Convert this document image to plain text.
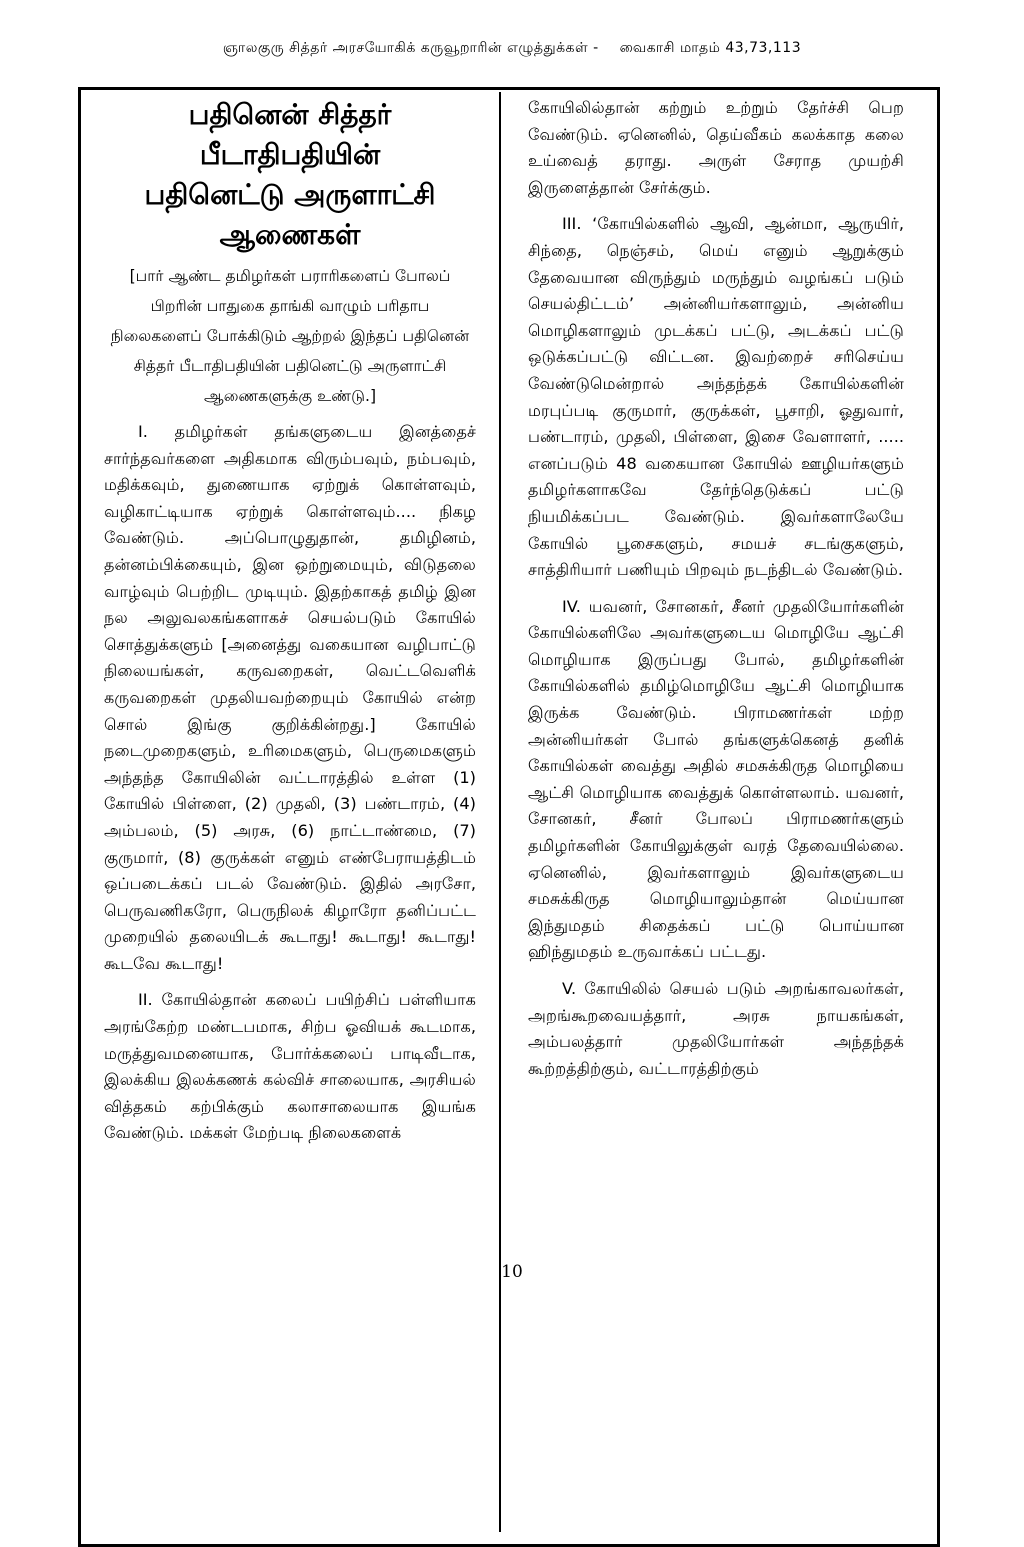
ஞாலகுரு சித்தர் அரசயோகிக் கருவூறாரின் எழுத்துக்கள் - வைகாசி மாதம் 43,73,113
பதினென் சித்தர் பீடாதிபதியின்
பதினெட்டு அருளாட்சி
ஆணைகள்

[பார் ஆண்ட தமிழர்கள் பராரிகளைப் போலப் பிறரின் பாதுகை தாங்கி வாழும் பரிதாப நிலைகளைப் போக்கிடும் ஆற்றல் இந்தப் பதினென் சித்தர் பீடாதிபதியின் பதினெட்டு அருளாட்சி ஆணைகளுக்கு உண்டு.]

I. தமிழர்கள் தங்களுடைய இனத்தைச் சார்ந்தவர்களை அதிகமாக விரும்பவும், நம்பவும், மதிக்கவும், துணையாக ஏற்றுக் கொள்ளவும், வழிகாட்டியாக ஏற்றுக் கொள்ளவும்.... நிகழ வேண்டும். அப்பொழுதுதான், தமிழினம், தன்னம்பிக்கையும், இன ஒற்றுமையும், விடுதலை வாழ்வும் பெற்றிட முடியும். இதற்காகத் தமிழ் இன நல அலுவலகங்களாகச் செயல்படும் கோயில் சொத்துக்களும் [அனைத்து வகையான வழிபாட்டு நிலையங்கள், கருவறைகள், வெட்டவெளிக் கருவறைகள் முதலியவற்றையும் கோயில் என்ற சொல் இங்கு குறிக்கின்றது.] கோயில் நடைமுறைகளும், உரிமைகளும், பெருமைகளும் அந்தந்த கோயிலின் வட்டாரத்தில் உள்ள (1) கோயில் பிள்ளை, (2) முதலி, (3) பண்டாரம், (4) அம்பலம், (5) அரசு, (6) நாட்டாண்மை, (7) குருமார், (8) குருக்கள் எனும் எண்பேராயத்திடம் ஒப்படைக்கப் படல் வேண்டும். இதில் அரசோ, பெருவணிகரோ, பெருநிலக் கிழாரோ தனிப்பட்ட முறையில் தலையிடக் கூடாது! கூடாது! கூடாது! கூடவே கூடாது!

II. கோயில்தான் கலைப் பயிற்சிப் பள்ளியாக அரங்கேற்ற மண்டபமாக, சிற்ப ஓவியக் கூடமாக, மருத்துவமனையாக, போர்க்கலைப் பாடிவீடாக, இலக்கிய இலக்கணக் கல்விச் சாலையாக, அரசியல் வித்தகம் கற்பிக்கும் கலாசாலையாக இயங்க வேண்டும். மக்கள் மேற்படி நிலைகளைக்

கோயிலில்தான் கற்றும் உற்றும் தேர்ச்சி பெற வேண்டும். ஏனெனில், தெய்வீகம் கலக்காத கலை உய்வைத் தராது. அருள் சேராத முயற்சி இருளைத்தான் சேர்க்கும்.

III. ‘கோயில்களில் ஆவி, ஆன்மா, ஆருயிர், சிந்தை, நெஞ்சம், மெய் எனும் ஆறுக்கும் தேவையான விருந்தும் மருந்தும் வழங்கப் படும் செயல்திட்டம்’ அன்னியர்களாலும், அன்னிய மொழிகளாலும் முடக்கப் பட்டு, அடக்கப் பட்டு ஒடுக்கப்பட்டு விட்டன. இவற்றைச் சரிசெய்ய வேண்டுமென்றால் அந்தந்தக் கோயில்களின் மரபுப்படி குருமார், குருக்கள், பூசாறி, ஓதுவார், பண்டாரம், முதலி, பிள்ளை, இசை வேளாளர், ..... எனப்படும் 48 வகையான கோயில் ஊழியர்களும் தமிழர்களாகவே தேர்ந்தெடுக்கப் பட்டு நியமிக்கப்பட வேண்டும். இவர்களாலேயே கோயில் பூசைகளும், சமயச் சடங்குகளும், சாத்திரியார் பணியும் பிறவும் நடந்திடல் வேண்டும்.

IV. யவனர், சோனகர், சீனர் முதலியோர்களின் கோயில்களிலே அவர்களுடைய மொழியே ஆட்சி மொழியாக இருப்பது போல், தமிழர்களின் கோயில்களில் தமிழ்மொழியே ஆட்சி மொழியாக இருக்க வேண்டும். பிராமணர்கள் மற்ற அன்னியர்கள் போல் தங்களுக்கெனத் தனிக் கோயில்கள் வைத்து அதில் சமசுக்கிருத மொழியை ஆட்சி மொழியாக வைத்துக் கொள்ளலாம். யவனர், சோனகர், சீனர் போலப் பிராமணர்களும் தமிழர்களின் கோயிலுக்குள் வரத் தேவையில்லை. ஏனெனில், இவர்களாலும் இவர்களுடைய சமசுக்கிருத மொழியாலும்தான் மெய்யான இந்துமதம் சிதைக்கப் பட்டு பொய்யான ஹிந்துமதம் உருவாக்கப் பட்டது.

V. கோயிலில் செயல் படும் அறங்காவலர்கள், அறங்கூறவையத்தார், அரசு நாயகங்கள், அம்பலத்தார் முதலியோர்கள் அந்தந்தக் கூற்றத்திற்கும், வட்டாரத்திற்கும்

10
